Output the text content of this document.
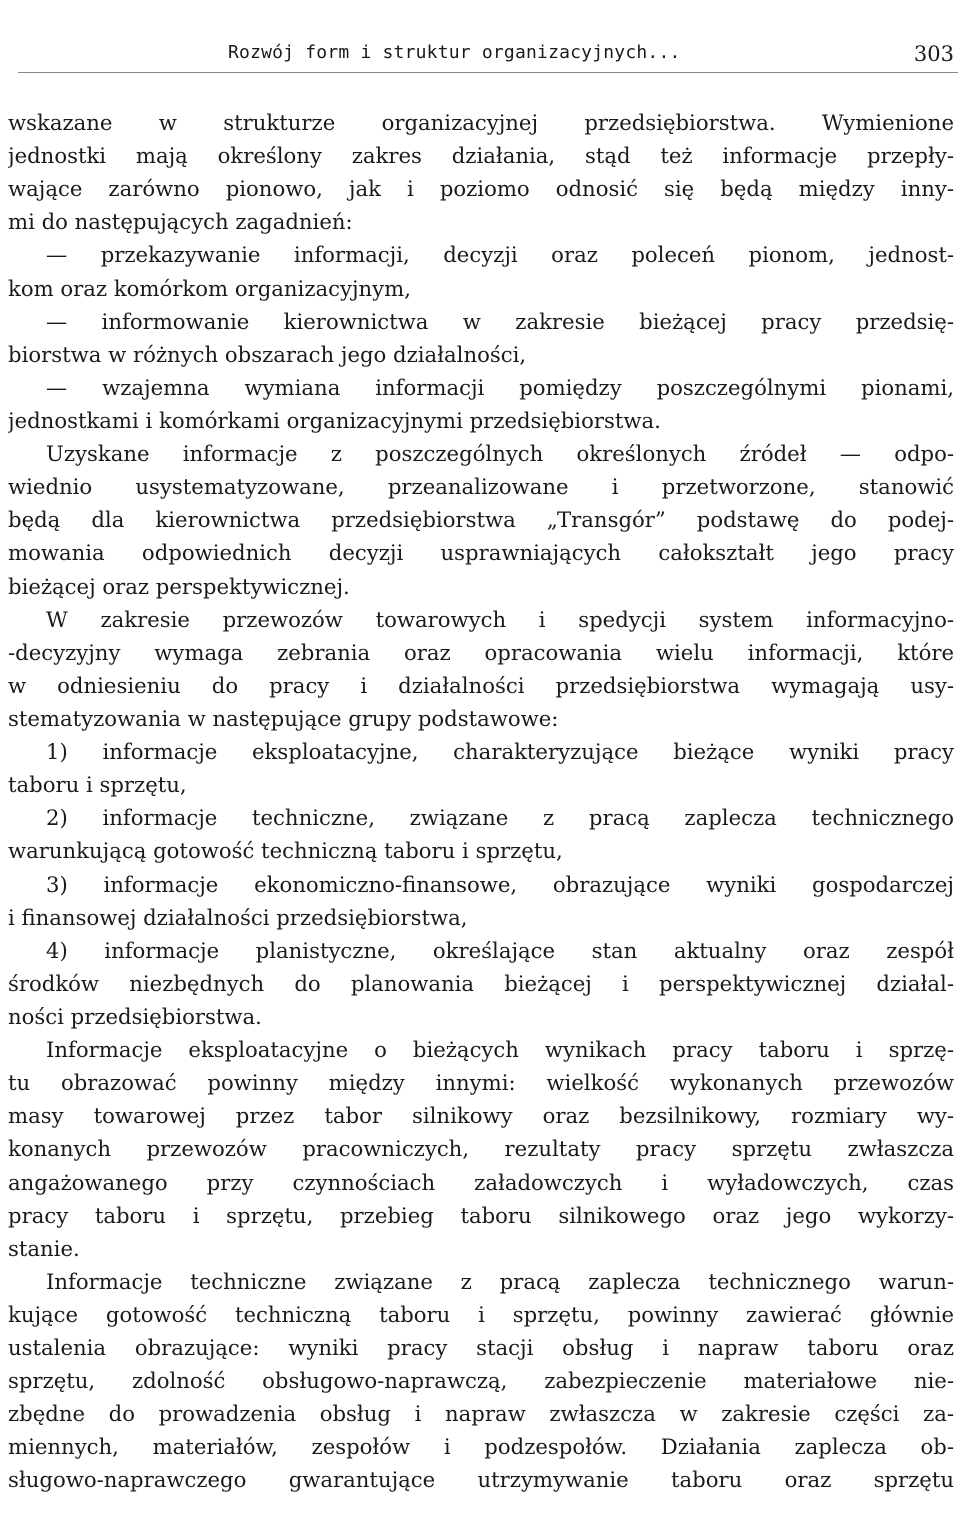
Rozwój form i struktur organizacyjnych...	303
wskazane w strukturze organizacyjnej przedsiębiorstwa. Wymienione
jednostki mają określony zakres działania, stąd też informacje przepły-
wające zarówno pionowo, jak i poziomo odnosić się będą między inny-
mi do następujących zagadnień:
— przekazywanie informacji, decyzji oraz poleceń pionom, jednost-
kom oraz komórkom organizacyjnym,
— informowanie kierownictwa w zakresie bieżącej pracy przedsię-
biorstwa w różnych obszarach jego działalności,
— wzajemna wymiana informacji pomiędzy poszczególnymi pionami,
jednostkami i komórkami organizacyjnymi przedsiębiorstwa.
Uzyskane informacje z poszczególnych określonych źródeł — odpo-
wiednio usystematyzowane, przeanalizowane i przetworzone, stanowić
będą dla kierownictwa przedsiębiorstwa „Transgór” podstawę do podej-
mowania odpowiednich decyzji usprawniających całokształt jego pracy
bieżącej oraz perspektywicznej.
W zakresie przewozów towarowych i spedycji system informacyjno-
-decyzyjny wymaga zebrania oraz opracowania wielu informacji, które
w odniesieniu do pracy i działalności przedsiębiorstwa wymagają usy-
stematyzowania w następujące grupy podstawowe:
1) informacje eksploatacyjne, charakteryzujące bieżące wyniki pracy
taboru i sprzętu,
2) informacje techniczne, związane z pracą zaplecza technicznego
warunkującą gotowość techniczną taboru i sprzętu,
3) informacje ekonomiczno-finansowe, obrazujące wyniki gospodarczej
i finansowej działalności przedsiębiorstwa,
4) informacje planistyczne, określające stan aktualny oraz zespół
środków niezbędnych do planowania bieżącej i perspektywicznej działal-
ności przedsiębiorstwa.
Informacje eksploatacyjne o bieżących wynikach pracy taboru i sprzę-
tu obrazować powinny między innymi: wielkość wykonanych przewozów
masy towarowej przez tabor silnikowy oraz bezsilnikowy, rozmiary wy-
konanych przewozów pracowniczych, rezultaty pracy sprzętu zwłaszcza
angażowanego przy czynnościach załadowczych i wyładowczych, czas
pracy taboru i sprzętu, przebieg taboru silnikowego oraz jego wykorzy-
stanie.
Informacje techniczne związane z pracą zaplecza technicznego warun-
kujące gotowość techniczną taboru i sprzętu, powinny zawierać głównie
ustalenia obrazujące: wyniki pracy stacji obsług i napraw taboru oraz
sprzętu, zdolność obsługowo-naprawczą, zabezpieczenie materiałowe nie-
zbędne do prowadzenia obsług i napraw zwłaszcza w zakresie części za-
miennych, materiałów, zespołów i podzespołów. Działania zaplecza ob-
sługowo-naprawczego gwarantujące utrzymywanie taboru oraz sprzętu
